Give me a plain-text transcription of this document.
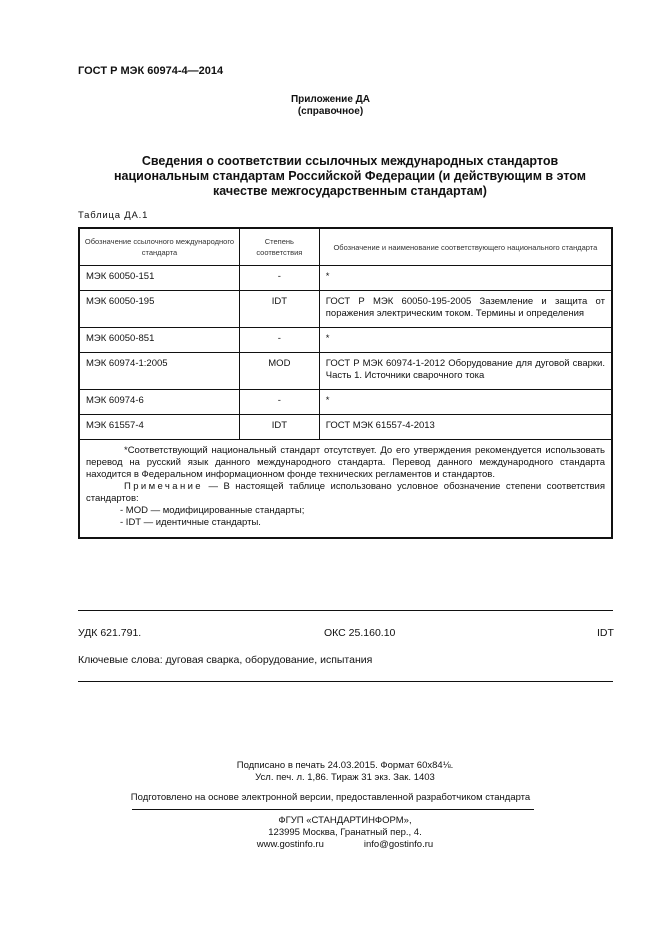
ГОСТ Р МЭК 60974-4—2014
Приложение ДА
(справочное)
Сведения о соответствии ссылочных международных стандартов
национальным стандартам Российской Федерации (и действующим в этом
качестве межгосударственным стандартам)
Таблица ДА.1
Обозначение ссылочного международного стандарта	Степень соответствия	Обозначение и наименование соответствующего национального стандарта
МЭК 60050-151	-	*
МЭК 60050-195	IDT	ГОСТ Р МЭК 60050-195-2005 Заземление и защита от поражения электрическим током. Термины и определения
МЭК 60050-851	-	*
МЭК 60974-1:2005	MOD	ГОСТ Р МЭК 60974-1-2012 Оборудование для дуговой сварки. Часть 1. Источники сварочного тока
МЭК 60974-6	-	*
МЭК 61557-4	IDT	ГОСТ МЭК 61557-4-2013

*Соответствующий национальный стандарт отсутствует. До его утверждения рекомендуется использовать перевод на русский язык данного международного стандарта. Перевод данного международного стандарта находится в Федеральном информационном фонде технических регламентов и стандартов.

Примечание — В настоящей таблице использовано условное обозначение степени соответствия стандартов:

- MOD — модифицированные стандарты;

- IDT — идентичные стандарты.		

УДК 621.791.	ОКС 25.160.10	IDT
Ключевые слова: дуговая сварка, оборудование, испытания
Подписано в печать 24.03.2015. Формат 60x84⅛.
Усл. печ. л. 1,86. Тираж 31 экз. Зак. 1403
Подготовлено на основе электронной версии, предоставленной разработчиком стандарта
ФГУП «СТАНДАРТИНФОРМ»,
123995 Москва, Гранатный пер., 4.
www.gostinfo.ru	info@gostinfo.ru
